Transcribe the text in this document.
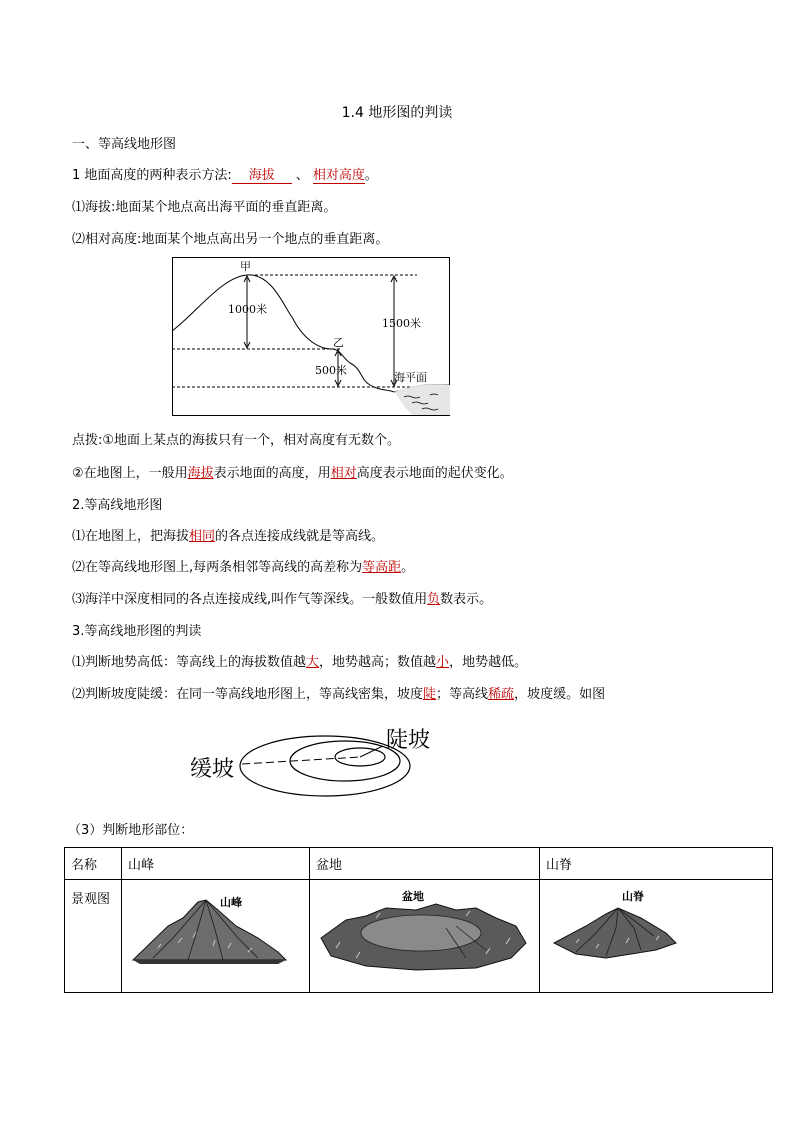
1.4 地形图的判读
一、等高线地形图
1 地面高度的两种表示方法: 海拔 、 相对高度。
⑴海拔:地面某个地点高出海平面的垂直距离。
⑵相对高度:地面某个地点高出另一个地点的垂直距离。
甲
乙
1000米
500米
1500米
海平面
点拨:①地面上某点的海拔只有一个，相对高度有无数个。
②在地图上，一般用海拔表示地面的高度，用相对高度表示地面的起伏变化。
2.等高线地形图
⑴在地图上，把海拔相同的各点连接成线就是等高线。
⑵在等高线地形图上,每两条相邻等高线的高差称为等高距。
⑶海洋中深度相同的各点连接成线,叫作气等深线。一般数值用负数表示。
3.等高线地形图的判读
⑴判断地势高低：等高线上的海拔数值越大，地势越高；数值越小，地势越低。
⑵判断坡度陡缓：在同一等高线地形图上，等高线密集，坡度陡；等高线稀疏，坡度缓。如图
缓坡
陡坡
（3）判断地形部位：
名称	山峰	盆地	山脊
景观图	山峰	盆地	山脊
